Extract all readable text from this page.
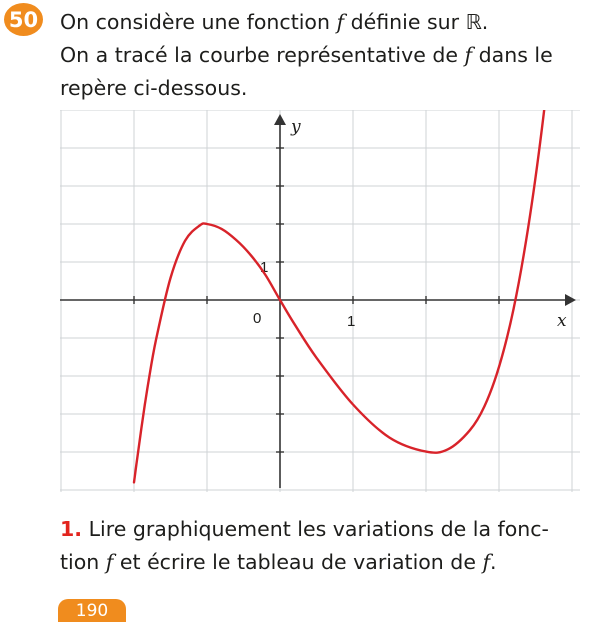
50 On considère une fonction f définie sur ℝ.
On a tracé la courbe représentative de f dans le repère ci-dessous.
y
x
0	1
1
1. Lire graphiquement les variations de la fonc-
tion f et écrire le tableau de variation de f.
190
